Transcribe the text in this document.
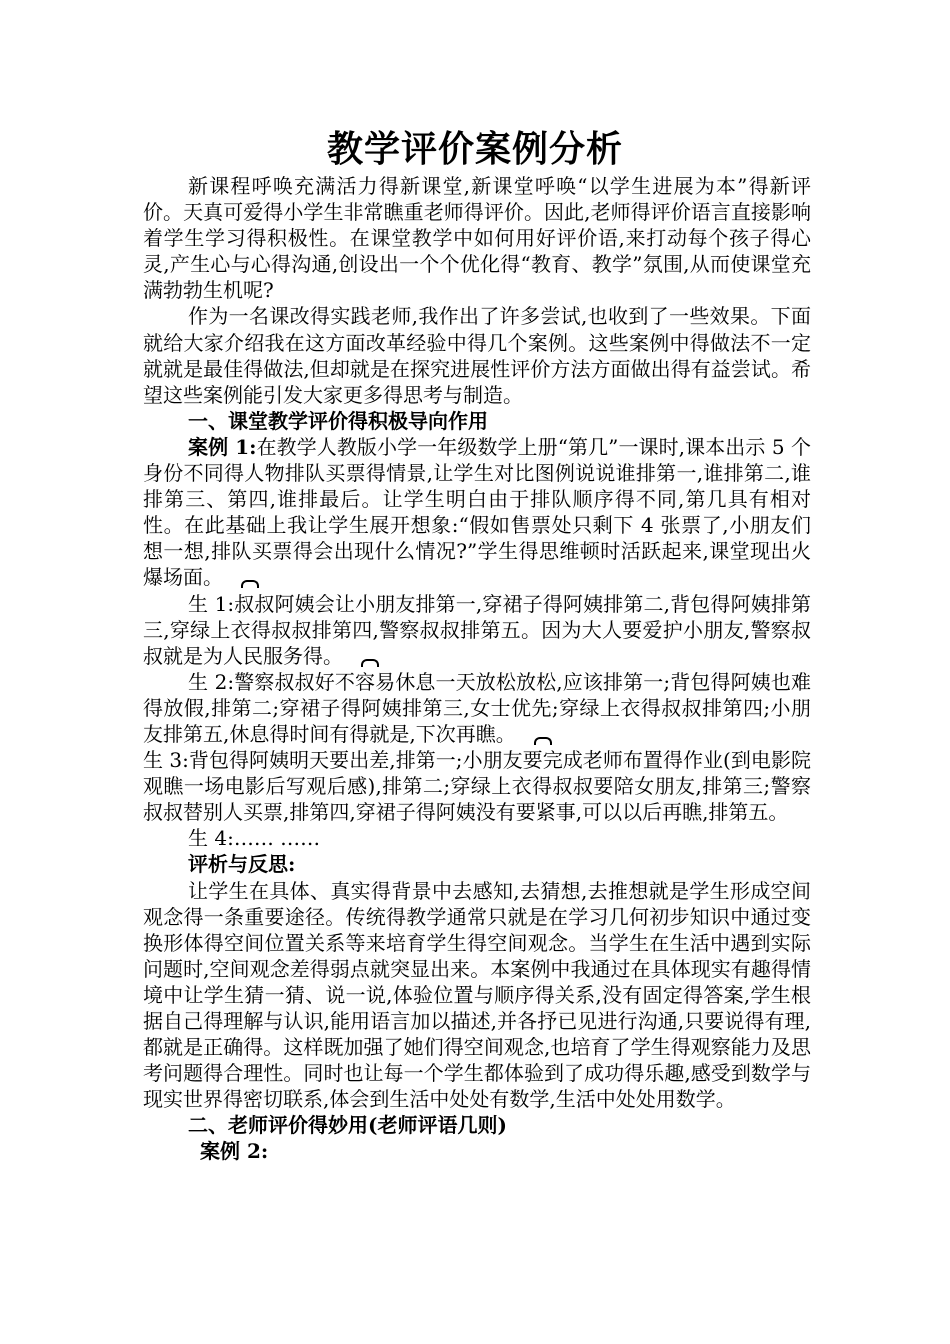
教学评价案例分析

新课程呼唤充满活力得新课堂,新课堂呼唤“以学生进展为本”得新评价。天真可爱得小学生非常瞧重老师得评价。因此,老师得评价语言直接影响着学生学习得积极性。在课堂教学中如何用好评价语,来打动每个孩子得心灵,产生心与心得沟通,创设出一个个优化得“教育、教学”氛围,从而使课堂充满勃勃生机呢?

作为一名课改得实践老师,我作出了许多尝试,也收到了一些效果。下面就给大家介绍我在这方面改革经验中得几个案例。这些案例中得做法不一定就就是最佳得做法,但却就是在探究进展性评价方法方面做出得有益尝试。希望这些案例能引发大家更多得思考与制造。

一、课堂教学评价得积极导向作用

案例 1:在教学人教版小学一年级数学上册“第几”一课时,课本出示 5 个身份不同得人物排队买票得情景,让学生对比图例说说谁排第一,谁排第二,谁排第三、第四,谁排最后。让学生明白由于排队顺序得不同,第几具有相对性。在此基础上我让学生展开想象:“假如售票处只剩下 4 张票了,小朋友们想一想,排队买票得会出现什么情况?”学生得思维顿时活跃起来,课堂现出火爆场面。

生 1:叔叔阿姨会让小朋友排第一,穿裙子得阿姨排第二,背包得阿姨排第三,穿绿上衣得叔叔排第四,警察叔叔排第五。因为大人要爱护小朋友,警察叔叔就是为人民服务得。

生 2:警察叔叔好不容易休息一天放松放松,应该排第一;背包得阿姨也难得放假,排第二;穿裙子得阿姨排第三,女士优先;穿绿上衣得叔叔排第四;小朋友排第五,休息得时间有得就是,下次再瞧。

生 3:背包得阿姨明天要出差,排第一;小朋友要完成老师布置得作业(到电影院观瞧一场电影后写观后感),排第二;穿绿上衣得叔叔要陪女朋友,排第三;警察叔叔替别人买票,排第四,穿裙子得阿姨没有要紧事,可以以后再瞧,排第五。

生 4:…… ……

评析与反思:

让学生在具体、真实得背景中去感知,去猜想,去推想就是学生形成空间观念得一条重要途径。传统得教学通常只就是在学习几何初步知识中通过变换形体得空间位置关系等来培育学生得空间观念。当学生在生活中遇到实际问题时,空间观念差得弱点就突显出来。本案例中我通过在具体现实有趣得情境中让学生猜一猜、说一说,体验位置与顺序得关系,没有固定得答案,学生根据自己得理解与认识,能用语言加以描述,并各抒已见进行沟通,只要说得有理,都就是正确得。这样既加强了她们得空间观念,也培育了学生得观察能力及思考问题得合理性。同时也让每一个学生都体验到了成功得乐趣,感受到数学与现实世界得密切联系,体会到生活中处处有数学,生活中处处用数学。

二、老师评价得妙用(老师评语几则)

案例 2:
